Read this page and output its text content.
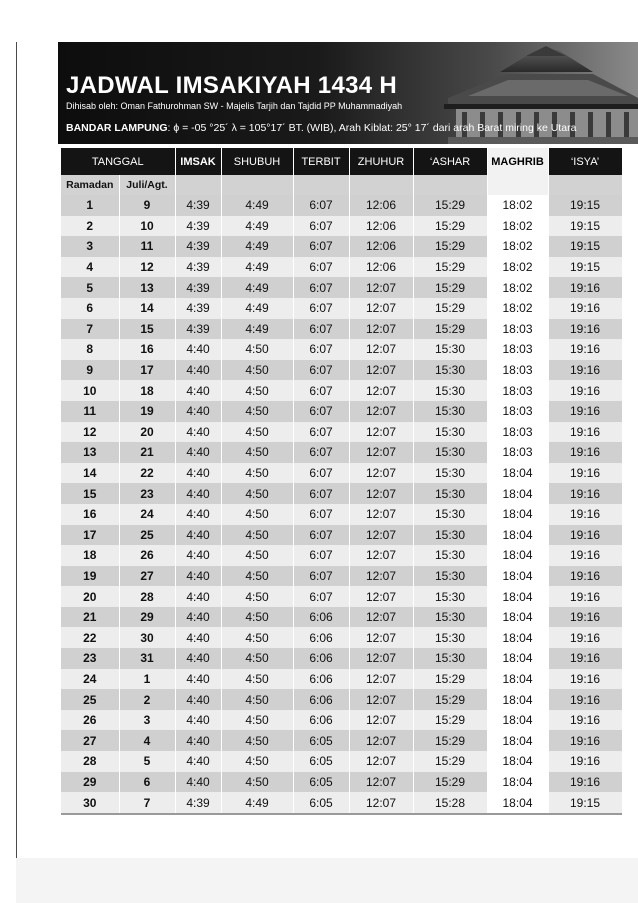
JADWAL IMSAKIYAH 1434 H
Dihisab oleh: Oman Fathurohman SW - Majelis Tarjih dan Tajdid PP Muhammadiyah
BANDAR LAMPUNG: ϕ = -05 °25´ λ = 105°17´ BT. (WIB), Arah Kiblat: 25° 17´ dari arah Barat miring ke Utara
TANGGAL		IMSAK	SHUBUH	TERBIT	ZHUHUR	‘ASHAR	MAGHRIB	‘ISYA’
Ramadan	Juli/Agt.							
1	9	4:39	4:49	6:07	12:06	15:29	18:02	19:15
2	10	4:39	4:49	6:07	12:06	15:29	18:02	19:15
3	11	4:39	4:49	6:07	12:06	15:29	18:02	19:15
4	12	4:39	4:49	6:07	12:06	15:29	18:02	19:15
5	13	4:39	4:49	6:07	12:07	15:29	18:02	19:16
6	14	4:39	4:49	6:07	12:07	15:29	18:02	19:16
7	15	4:39	4:49	6:07	12:07	15:29	18:03	19:16
8	16	4:40	4:50	6:07	12:07	15:30	18:03	19:16
9	17	4:40	4:50	6:07	12:07	15:30	18:03	19:16
10	18	4:40	4:50	6:07	12:07	15:30	18:03	19:16
11	19	4:40	4:50	6:07	12:07	15:30	18:03	19:16
12	20	4:40	4:50	6:07	12:07	15:30	18:03	19:16
13	21	4:40	4:50	6:07	12:07	15:30	18:03	19:16
14	22	4:40	4:50	6:07	12:07	15:30	18:04	19:16
15	23	4:40	4:50	6:07	12:07	15:30	18:04	19:16
16	24	4:40	4:50	6:07	12:07	15:30	18:04	19:16
17	25	4:40	4:50	6:07	12:07	15:30	18:04	19:16
18	26	4:40	4:50	6:07	12:07	15:30	18:04	19:16
19	27	4:40	4:50	6:07	12:07	15:30	18:04	19:16
20	28	4:40	4:50	6:07	12:07	15:30	18:04	19:16
21	29	4:40	4:50	6:06	12:07	15:30	18:04	19:16
22	30	4:40	4:50	6:06	12:07	15:30	18:04	19:16
23	31	4:40	4:50	6:06	12:07	15:30	18:04	19:16
24	1	4:40	4:50	6:06	12:07	15:29	18:04	19:16
25	2	4:40	4:50	6:06	12:07	15:29	18:04	19:16
26	3	4:40	4:50	6:06	12:07	15:29	18:04	19:16
27	4	4:40	4:50	6:05	12:07	15:29	18:04	19:16
28	5	4:40	4:50	6:05	12:07	15:29	18:04	19:16
29	6	4:40	4:50	6:05	12:07	15:29	18:04	19:16
30	7	4:39	4:49	6:05	12:07	15:28	18:04	19:15
